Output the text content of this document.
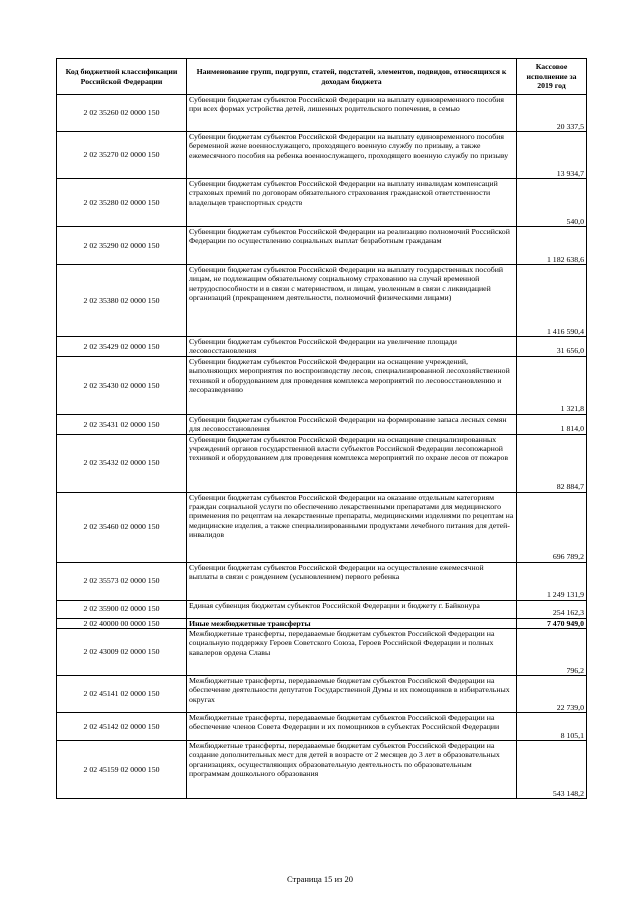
Код бюджетной классификации Российской Федерации	Наименование групп, подгрупп, статей, подстатей, элементов, подвидов, относящихся к доходам бюджета	Кассовое исполнение за 2019 год
2 02 35260 02 0000 150	Субвенции бюджетам субъектов Российской Федерации на выплату единовременного пособия при всех формах устройства детей, лишенных родительского попечения, в семью	20 337,5
2 02 35270 02 0000 150	Субвенции бюджетам субъектов Российской Федерации на выплату единовременного пособия беременной жене военнослужащего, проходящего военную службу по призыву, а также ежемесячного пособия на ребенка военнослужащего, проходящего военную службу по призыву	13 934,7
2 02 35280 02 0000 150	Субвенции бюджетам субъектов Российской Федерации на выплату инвалидам компенсаций страховых премий по договорам обязательного страхования гражданской ответственности владельцев транспортных средств	540,0
2 02 35290 02 0000 150	Субвенции бюджетам субъектов Российской Федерации на реализацию полномочий Российской Федерации по осуществлению социальных выплат безработным гражданам	1 182 638,6
2 02 35380 02 0000 150	Субвенции бюджетам субъектов Российской Федерации на выплату государственных пособий лицам, не подлежащим обязательному социальному страхованию на случай временной нетрудоспособности и в связи с материнством, и лицам, уволенным в связи с ликвидацией организаций (прекращением деятельности, полномочий физическими лицами)	1 416 590,4
2 02 35429 02 0000 150	Субвенции бюджетам субъектов Российской Федерации на увеличение площади лесовосстановления	31 656,0
2 02 35430 02 0000 150	Субвенции бюджетам субъектов Российской Федерации на оснащение учреждений, выполняющих мероприятия по воспроизводству лесов, специализированной лесохозяйственной техникой и оборудованием для проведения комплекса мероприятий по лесовосстановлению и лесоразведению	1 321,8
2 02 35431 02 0000 150	Субвенции бюджетам субъектов Российской Федерации на формирование запаса лесных семян для лесовосстановления	1 814,0
2 02 35432 02 0000 150	Субвенции бюджетам субъектов Российской Федерации на оснащение специализированных учреждений органов государственной власти субъектов Российской Федерации лесопожарной техникой и оборудованием для проведения комплекса мероприятий по охране лесов от пожаров	82 884,7
2 02 35460 02 0000 150	Субвенции бюджетам субъектов Российской Федерации на оказание отдельным категориям граждан социальной услуги по обеспечению лекарственными препаратами для медицинского применения по рецептам на лекарственные препараты, медицинскими изделиями по рецептам на медицинские изделия, а также специализированными продуктами лечебного питания для детей-инвалидов	696 789,2
2 02 35573 02 0000 150	Субвенции бюджетам субъектов Российской Федерации на осуществление ежемесячной выплаты в связи с рождением (усыновлением) первого ребенка	1 249 131,9
2 02 35900 02 0000 150	Единая субвенция бюджетам субъектов Российской Федерации и бюджету г. Байконура	254 162,3
2 02 40000 00 0000 150	Иные межбюджетные трансферты	7 470 949,0
2 02 43009 02 0000 150	Межбюджетные трансферты, передаваемые бюджетам субъектов Российской Федерации на социальную поддержку Героев Советского Союза, Героев Российской Федерации и полных кавалеров ордена Славы	796,2
2 02 45141 02 0000 150	Межбюджетные трансферты, передаваемые бюджетам субъектов Российской Федерации на обеспечение деятельности депутатов Государственной Думы и их помощников в избирательных округах	22 739,0
2 02 45142 02 0000 150	Межбюджетные трансферты, передаваемые бюджетам субъектов Российской Федерации на обеспечение членов Совета Федерации и их помощников в субъектах Российской Федерации	8 105,1
2 02 45159 02 0000 150	Межбюджетные трансферты, передаваемые бюджетам субъектов Российской Федерации на создание дополнительных мест для детей в возрасте от 2 месяцев до 3 лет в образовательных организациях, осуществляющих образовательную деятельность по образовательным программам дошкольного образования	543 148,2
Страница 15 из 20
